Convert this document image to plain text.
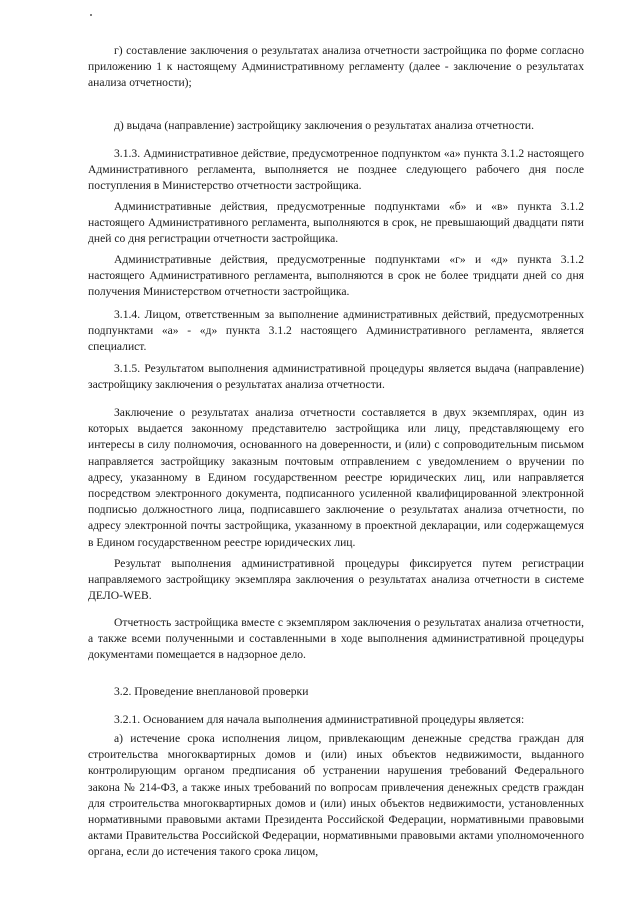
г) составление заключения о результатах анализа отчетности застройщика по форме согласно приложению 1 к настоящему Административному регламенту (далее - заключение о результатах анализа отчетности);

д) выдача (направление) застройщику заключения о результатах анализа отчетности.

3.1.3. Административное действие, предусмотренное подпунктом «а» пункта 3.1.2 настоящего Административного регламента, выполняется не позднее следующего рабочего дня после поступления в Министерство отчетности застройщика.

Административные действия, предусмотренные подпунктами «б» и «в» пункта 3.1.2 настоящего Административного регламента, выполняются в срок, не превышающий двадцати пяти дней со дня регистрации отчетности застройщика.

Административные действия, предусмотренные подпунктами «г» и «д» пункта 3.1.2 настоящего Административного регламента, выполняются в срок не более тридцати дней со дня получения Министерством отчетности застройщика.

3.1.4. Лицом, ответственным за выполнение административных действий, предусмотренных подпунктами «а» - «д» пункта 3.1.2 настоящего Административного регламента, является специалист.

3.1.5. Результатом выполнения административной процедуры является выдача (направление) застройщику заключения о результатах анализа отчетности.

Заключение о результатах анализа отчетности составляется в двух экземплярах, один из которых выдается законному представителю застройщика или лицу, представляющему его интересы в силу полномочия, основанного на доверенности, и (или) с сопроводительным письмом направляется застройщику заказным почтовым отправлением с уведомлением о вручении по адресу, указанному в Едином государственном реестре юридических лиц, или направляется посредством электронного документа, подписанного усиленной квалифицированной электронной подписью должностного лица, подписавшего заключение о результатах анализа отчетности, по адресу электронной почты застройщика, указанному в проектной декларации, или содержащемуся в Едином государственном реестре юридических лиц.

Результат выполнения административной процедуры фиксируется путем регистрации направляемого застройщику экземпляра заключения о результатах анализа отчетности в системе ДЕЛО-WEB.

Отчетность застройщика вместе с экземпляром заключения о результатах анализа отчетности, а также всеми полученными и составленными в ходе выполнения административной процедуры документами помещается в надзорное дело.

3.2. Проведение внеплановой проверки

3.2.1. Основанием для начала выполнения административной процедуры является:

а) истечение срока исполнения лицом, привлекающим денежные средства граждан для строительства многоквартирных домов и (или) иных объектов недвижимости, выданного контролирующим органом предписания об устранении нарушения требований Федерального закона № 214-ФЗ, а также иных требований по вопросам привлечения денежных средств граждан для строительства многоквартирных домов и (или) иных объектов недвижимости, установленных нормативными правовыми актами Президента Российской Федерации, нормативными правовыми актами Правительства Российской Федерации, нормативными правовыми актами уполномоченного органа, если до истечения такого срока лицом,
